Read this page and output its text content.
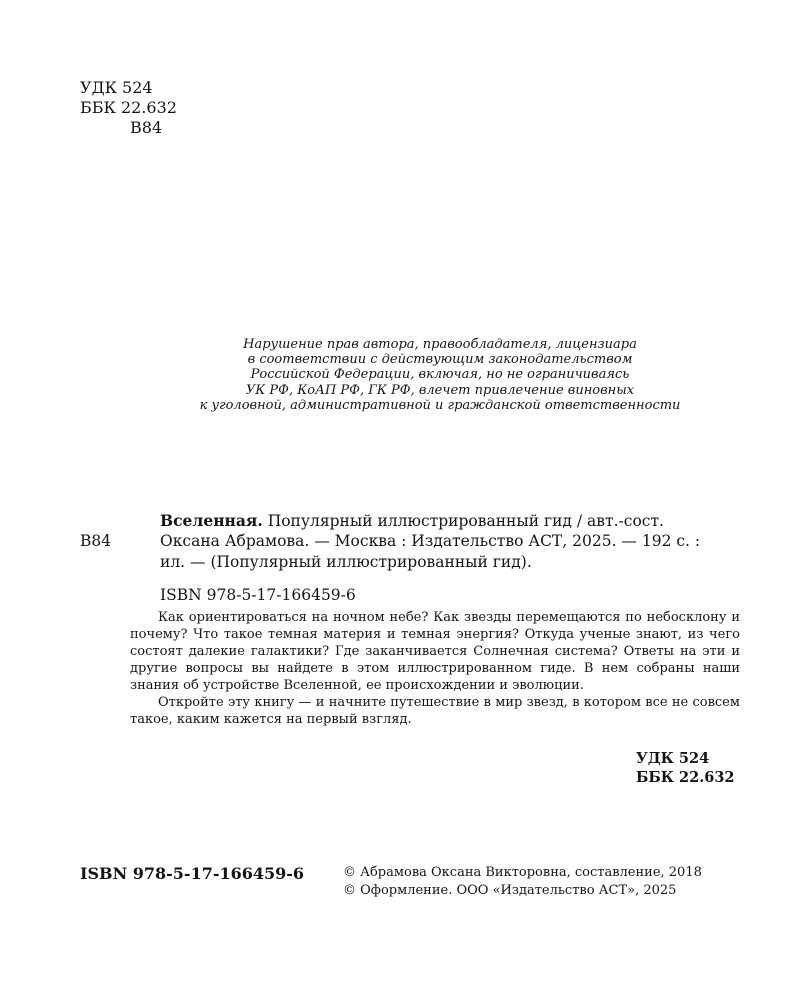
УДК 524
ББК 22.632
В84
Нарушение прав автора, правообладателя, лицензиара
в соответствии с действующим законодательством
Российской Федерации, включая, но не ограничиваясь
УК РФ, КоАП РФ, ГК РФ, влечет привлечение виновных
к уголовной, административной и гражданской ответственности
Вселенная. Популярный иллюстрированный гид / авт.-сост.
В84	Оксана Абрамова. — Москва : Издательство АСТ, 2025. — 192 с. :
ил. — (Популярный иллюстрированный гид).
ISBN 978-5-17-166459-6

Как ориентироваться на ночном небе? Как звезды перемещаются по небосклону и почему? Что такое темная материя и темная энергия? Откуда ученые знают, из чего состоят далекие галактики? Где заканчивается Солнечная система? Ответы на эти и другие вопросы вы найдете в этом иллюстрированном гиде. В нем собраны наши знания об устройстве Вселенной, ее происхождении и эволюции.

Откройте эту книгу — и начните путешествие в мир звезд, в котором все не совсем такое, каким кажется на первый взгляд.

УДК 524
ББК 22.632
ISBN 978-5-17-166459-6	© Абрамова Оксана Викторовна, составление, 2018
© Оформление. ООО «Издательство АСТ», 2025
